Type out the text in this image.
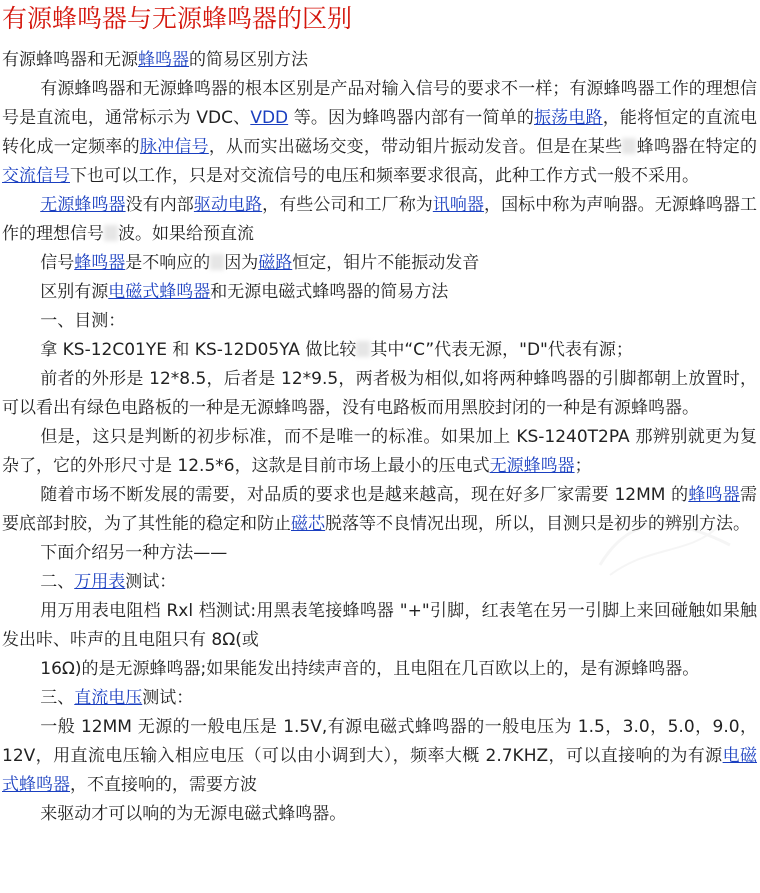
有源蜂鸣器与无源蜂鸣器的区别

有源蜂鸣器和无源蜂鸣器的简易区别方法

有源蜂鸣器和无源蜂鸣器的根本区别是产品对输入信号的要求不一样；有源蜂鸣器工作的理想信号是直流电，通常标示为 VDC、VDD 等。因为蜂鸣器内部有一简单的振荡电路，能将恒定的直流电转化成一定频率的脉冲信号，从而实出磁场交变，带动钼片振动发音。但是在某些 蜂鸣器在特定的交流信号下也可以工作，只是对交流信号的电压和频率要求很高，此种工作方式一般不采用。

无源蜂鸣器没有内部驱动电路，有些公司和工厂称为讯响器，国标中称为声响器。无源蜂鸣器工作的理想信号 波。如果给预直流

信号蜂鸣器是不响应的 因为磁路恒定，钼片不能振动发音

区别有源电磁式蜂鸣器和无源电磁式蜂鸣器的简易方法

一、目测：

拿 KS-12C01YE 和 KS-12D05YA 做比较 其中“C”代表无源，"D"代表有源；

前者的外形是 12*8.5，后者是 12*9.5，两者极为相似,如将两种蜂鸣器的引脚都朝上放置时，可以看出有绿色电路板的一种是无源蜂鸣器，没有电路板而用黑胶封闭的一种是有源蜂鸣器。

但是，这只是判断的初步标准，而不是唯一的标准。如果加上 KS-1240T2PA 那辨别就更为复杂了，它的外形尺寸是 12.5*6，这款是目前市场上最小的压电式无源蜂鸣器；

随着市场不断发展的需要，对品质的要求也是越来越高，现在好多厂家需要 12MM 的蜂鸣器需要底部封胶，为了其性能的稳定和防止磁芯脱落等不良情况出现，所以，目测只是初步的辨别方法。

下面介绍另一种方法——

二、万用表测试：

用万用表电阻档 Rxl 档测试:用黑表笔接蜂鸣器 "+"引脚，红表笔在另一引脚上来回碰触如果触发出咔、咔声的且电阻只有 8Ω(或

16Ω)的是无源蜂鸣器;如果能发出持续声音的，且电阻在几百欧以上的，是有源蜂鸣器。

三、直流电压测试：

一般 12MM 无源的一般电压是 1.5V,有源电磁式蜂鸣器的一般电压为 1.5，3.0，5.0，9.0，12V，用直流电压输入相应电压（可以由小调到大），频率大概 2.7KHZ，可以直接响的为有源电磁式蜂鸣器，不直接响的，需要方波

来驱动才可以响的为无源电磁式蜂鸣器。
